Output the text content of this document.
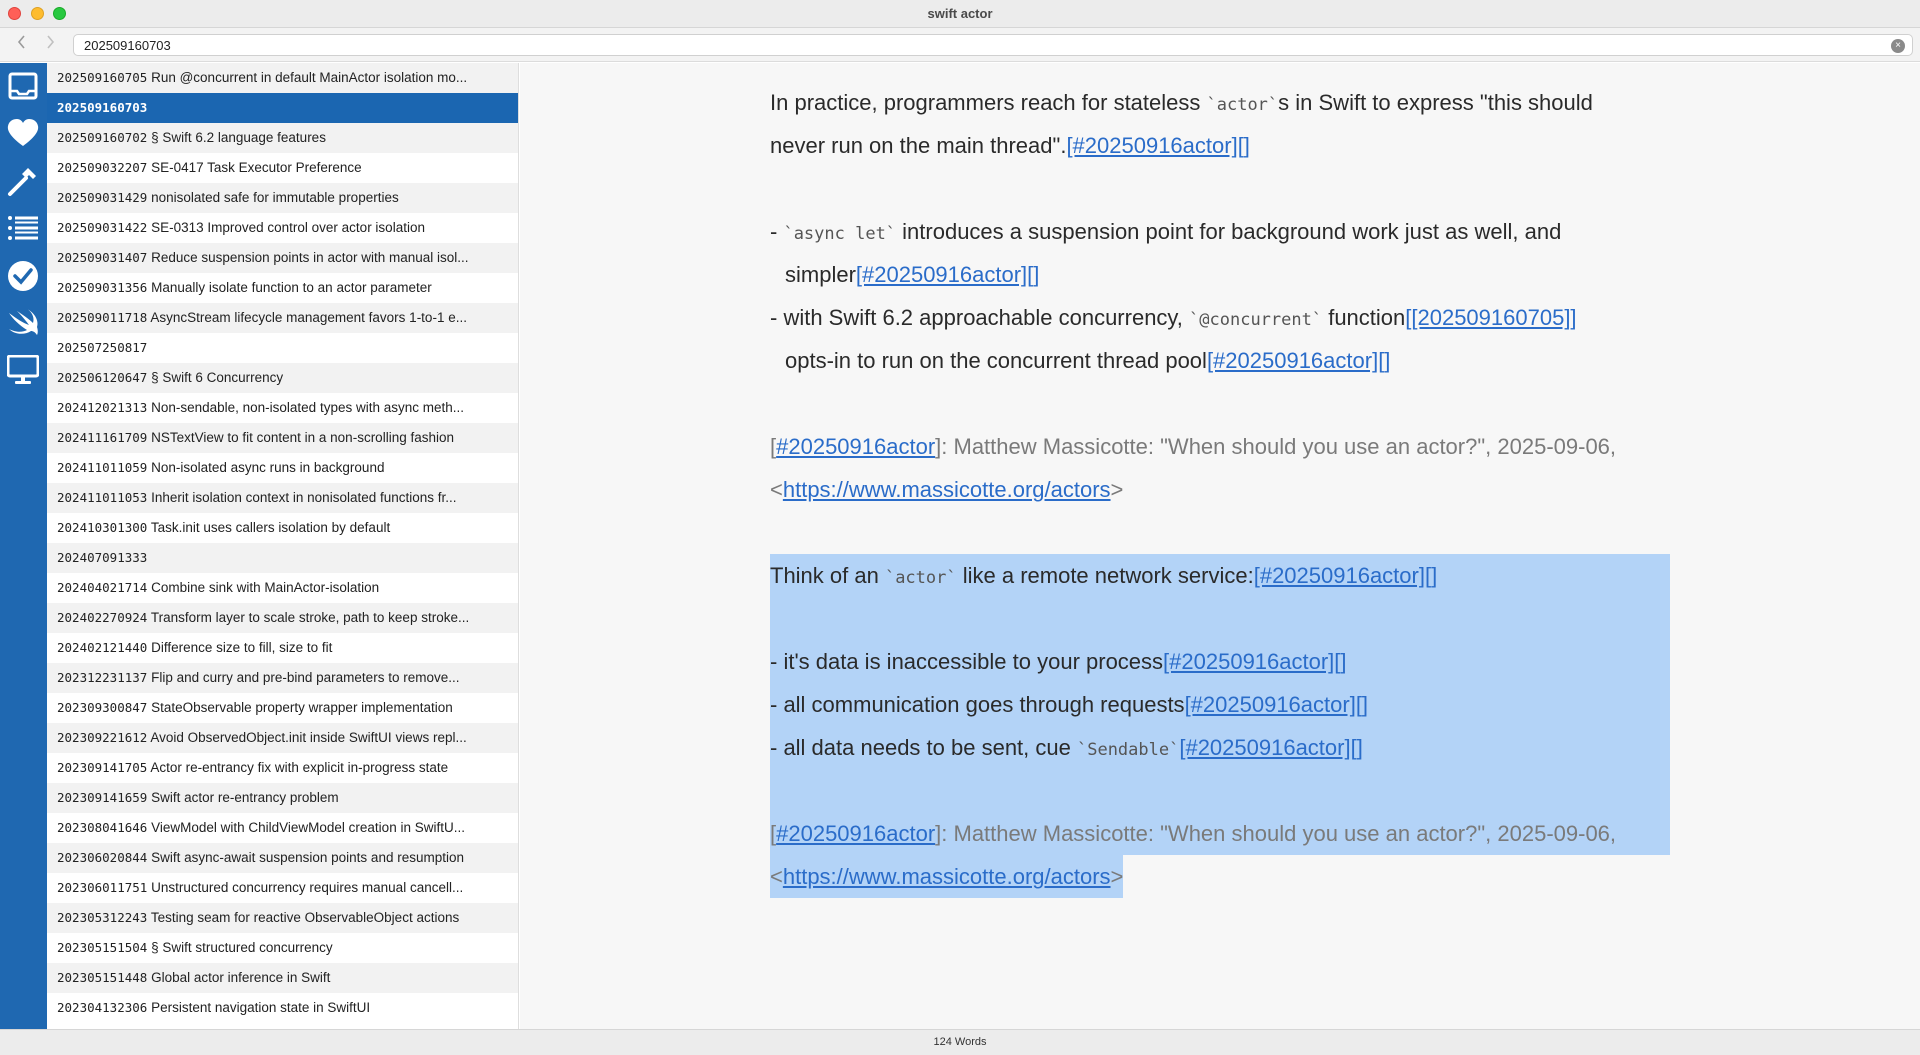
swift actor
202509160703
×
202509160705 Run @concurrent in default MainActor isolation mo...
202509160703
202509160702 § Swift 6.2 language features
202509032207 SE-0417 Task Executor Preference
202509031429 nonisolated safe for immutable properties
202509031422 SE-0313 Improved control over actor isolation
202509031407 Reduce suspension points in actor with manual isol...
202509031356 Manually isolate function to an actor parameter
202509011718 AsyncStream lifecycle management favors 1-to-1 e...
202507250817
202506120647 § Swift 6 Concurrency
202412021313 Non-sendable, non-isolated types with async meth...
202411161709 NSTextView to fit content in a non-scrolling fashion
202411011059 Non-isolated async runs in background
202411011053 Inherit isolation context in nonisolated functions fr...
202410301300 Task.init uses callers isolation by default
202407091333
202404021714 Combine sink with MainActor-isolation
202402270924 Transform layer to scale stroke, path to keep stroke...
202402121440 Difference size to fill, size to fit
202312231137 Flip and curry and pre-bind parameters to remove...
202309300847 StateObservable property wrapper implementation
202309221612 Avoid ObservedObject.init inside SwiftUI views repl...
202309141705 Actor re-entrancy fix with explicit in-progress state
202309141659 Swift actor re-entrancy problem
202308041646 ViewModel with ChildViewModel creation in SwiftU...
202306020844 Swift async-await suspension points and resumption
202306011751 Unstructured concurrency requires manual cancell...
202305312243 Testing seam for reactive ObservableObject actions
202305151504 § Swift structured concurrency
202305151448 Global actor inference in Swift
202304132306 Persistent navigation state in SwiftUI
In practice, programmers reach for stateless `actor`s in Swift to express "this should
never run on the main thread".[#20250916actor][]
- `async let` introduces a suspension point for background work just as well, and
simpler[#20250916actor][]
- with Swift 6.2 approachable concurrency, `@concurrent` function[[202509160705]]
opts-in to run on the concurrent thread pool[#20250916actor][]
[#20250916actor]: Matthew Massicotte: "When should you use an actor?", 2025-09-06,
<https://www.massicotte.org/actors>
Think of an `actor` like a remote network service:[#20250916actor][]
- it's data is inaccessible to your process[#20250916actor][]
- all communication goes through requests[#20250916actor][]
- all data needs to be sent, cue `Sendable`[#20250916actor][]
[#20250916actor]: Matthew Massicotte: "When should you use an actor?", 2025-09-06,
<https://www.massicotte.org/actors>
124 Words
